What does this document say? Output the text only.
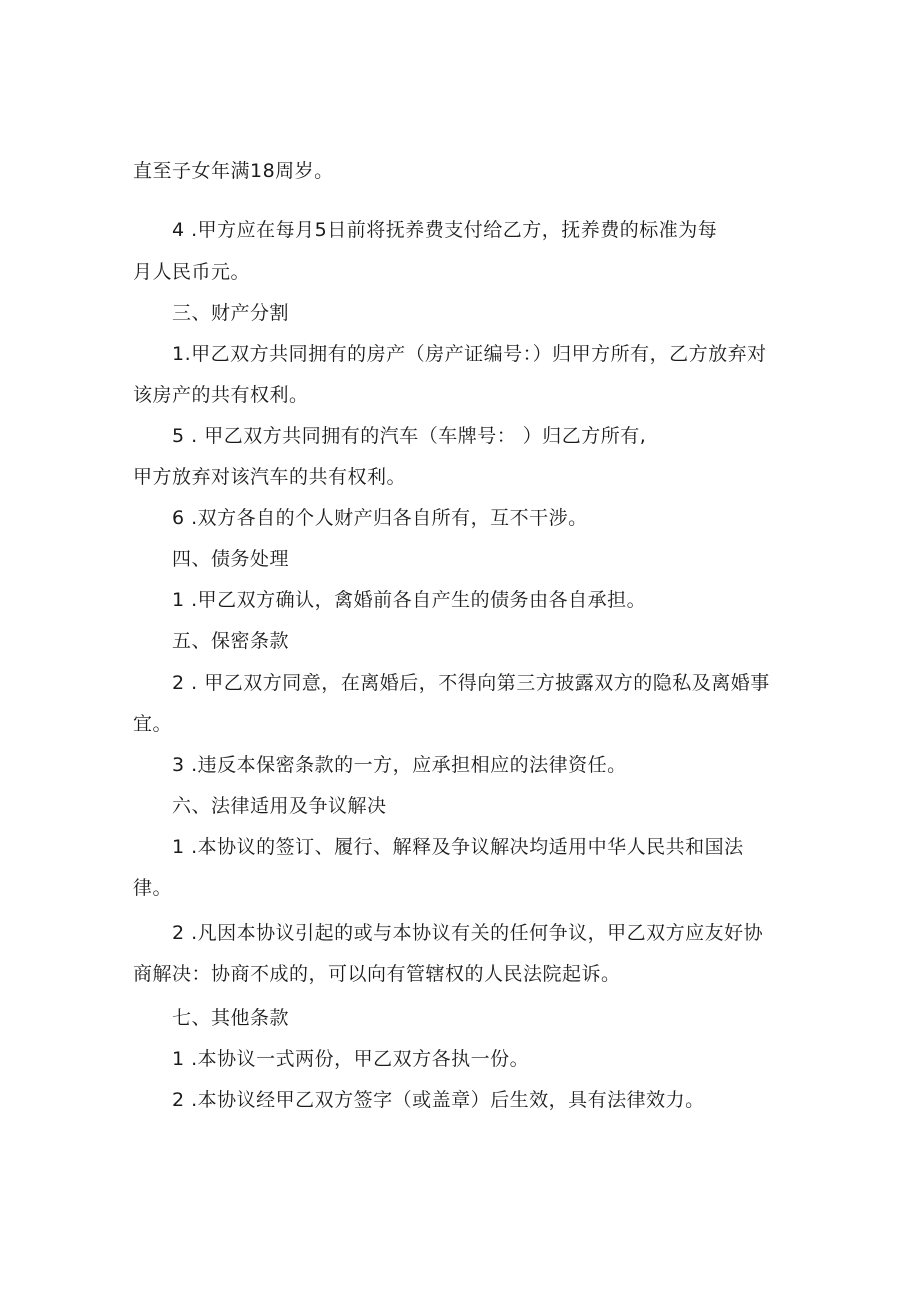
直至子女年满18周岁。
4 .甲方应在每月5日前将抚养费支付给乙方，抚养费的标准为每
月人民币元。
三、财产分割
1.甲乙双方共同拥有的房产（房产证编号：）归甲方所有，乙方放弃对
该房产的共有权利。
5 . 甲乙双方共同拥有的汽车（车牌号： ）归乙方所有,
甲方放弃对该汽车的共有权利。
6 .双方各自的个人财产归各自所有，互不干涉。
四、债务处理
1 .甲乙双方确认，禽婚前各自产生的债务由各自承担。
五、保密条款
2 . 甲乙双方同意，在离婚后，不得向第三方披露双方的隐私及离婚事
宜。
3 .违反本保密条款的一方，应承担相应的法律资任。
六、法律适用及争议解决
1 .本协议的签订、履行、解释及争议解决均适用中华人民共和国法
律。
2 .凡因本协议引起的或与本协议有关的任何争议，甲乙双方应友好协
商解决：协商不成的，可以向有管辖权的人民法院起诉。
七、其他条款
1 .本协议一式两份，甲乙双方各执一份。
2 .本协议经甲乙双方签字（或盖章）后生效，具有法律效力。
